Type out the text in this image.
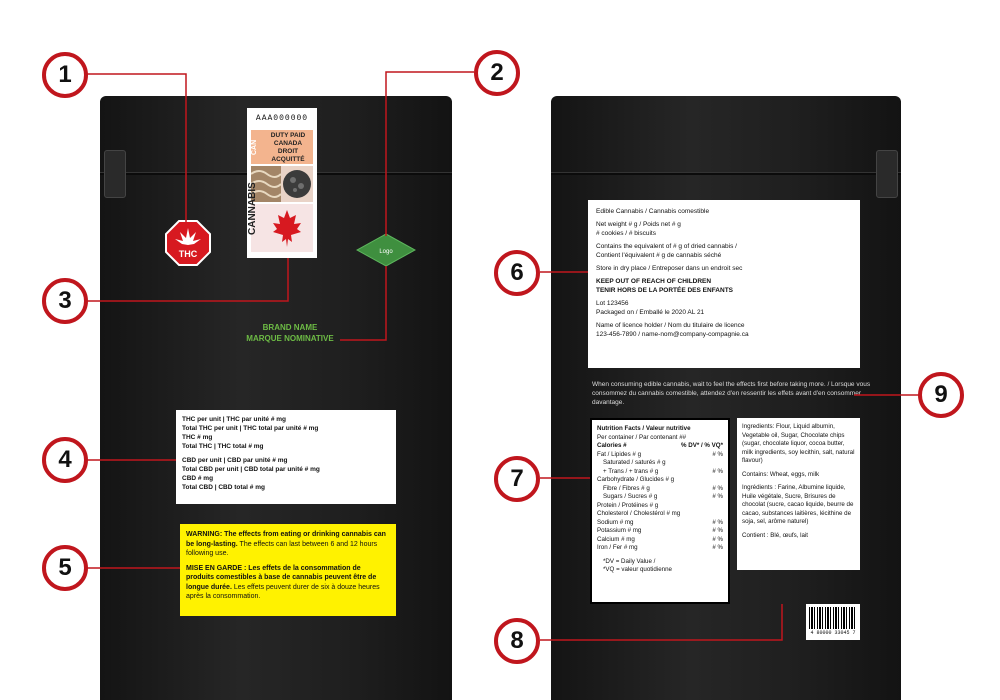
AAA000000
CAN
DUTY PAID
CANADA
DROIT ACQUITTÉ
CANNABIS
THC	Logo
BRAND NAME
MARQUE NOMINATIVE
THC per unit | THC par unité # mg
Total THC per unit | THC total par unité # mg
THC # mg
Total THC | THC total # mg
CBD per unit | CBD par unité # mg
Total CBD per unit | CBD total par unité # mg
CBD # mg
Total CBD | CBD total # mg

WARNING: The effects from eating or drinking cannabis can be long-lasting. The effects can last between 6 and 12 hours following use.

MISE EN GARDE : Les effets de la consommation de produits comestibles à base de cannabis peuvent être de longue durée. Les effets peuvent durer de six à douze heures après la consommation.

Edible Cannabis / Cannabis comestible

Net weight # g / Poids net # g
# cookies / # biscuits

Contains the equivalent of # g of dried cannabis /
Contient l'équivalent # g de cannabis séché

Store in dry place / Entreposer dans un endroit sec

KEEP OUT OF REACH OF CHILDREN
TENIR HORS DE LA PORTÉE DES ENFANTS

Lot 123456
Packaged on / Emballé le 2020 AL 21

Name of licence holder / Nom du titulaire de licence
123-456-7890 / name-nom@company-compagnie.ca

When consuming edible cannabis, wait to feel the effects first before taking more. / Lorsque vous consommez du cannabis comestible, attendez d'en ressentir les effets avant d'en consommer davantage.
Nutrition Facts / Valeur nutritive
Per container / Par contenant ##
Calories #	% DV* / % VQ*
Fat / Lipides # g	# %
Saturated / saturés # g
+ Trans / + trans # g	# %
Carbohydrate / Glucides # g
Fibre / Fibres # g	# %
Sugars / Sucres # g	# %
Protein / Protéines # g
Cholesterol / Cholestérol # mg
Sodium # mg	# %
Potassium # mg	# %
Calcium # mg	# %
Iron / Fer # mg	# %
*DV = Daily Value /
*VQ = valeur quotidienne

Ingredients: Flour, Liquid albumin, Vegetable oil, Sugar, Chocolate chips (sugar, chocolate liquor, cocoa butter, milk ingredients, soy lecithin, salt, natural flavour)

Contains: Wheat, eggs, milk

Ingrédients : Farine, Albumine liquide, Huile végétale, Sucre, Brisures de chocolat (sucre, cacao liquide, beurre de cacao, substances laitières, lécithine de soja, sel, arôme naturel)

Contient : Blé, œufs, lait

4 80000 33045 7
1	2
3
4
5
6
7
8
9
